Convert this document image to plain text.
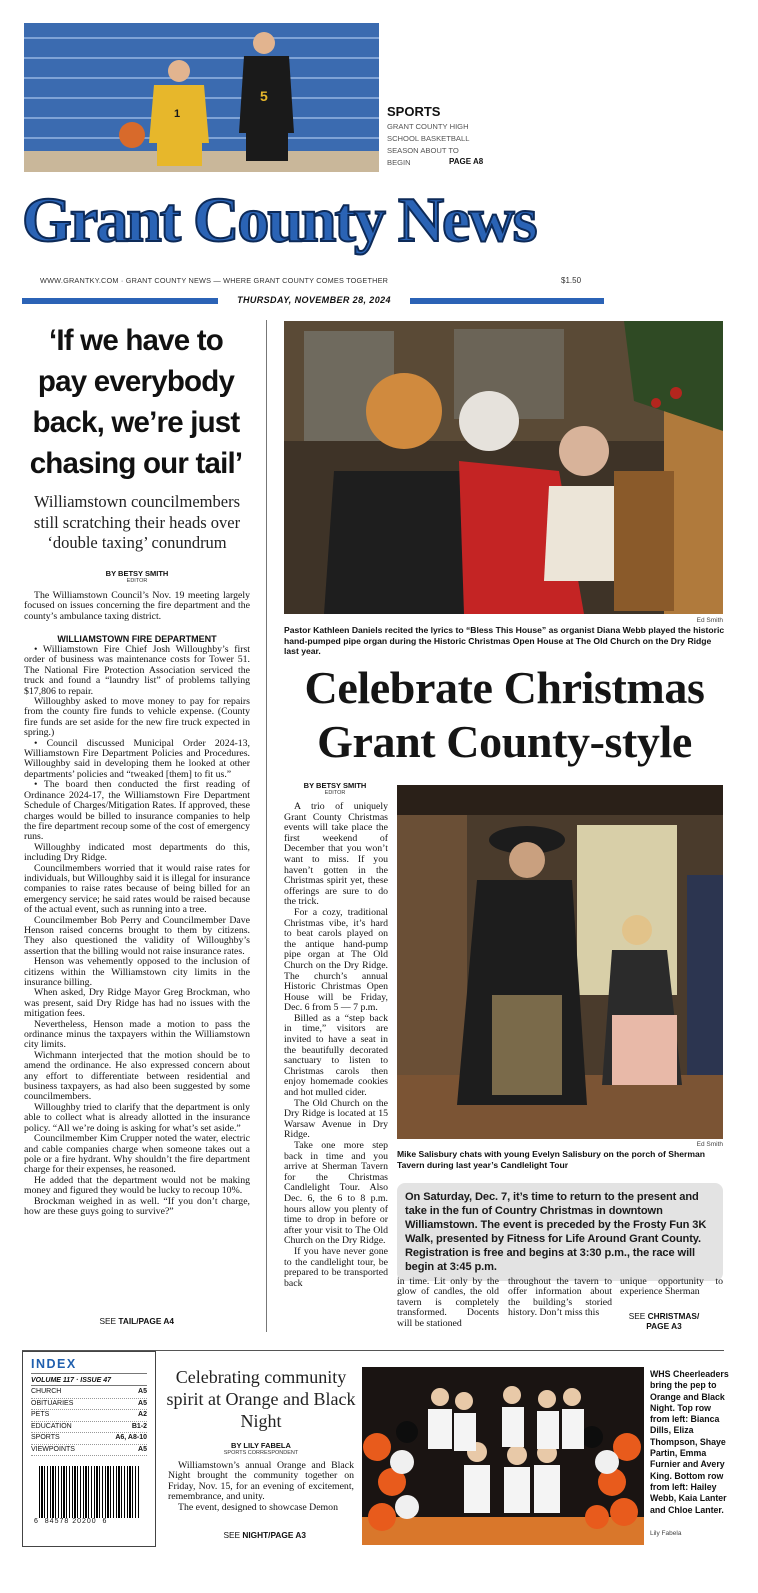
1
5
SPORTS
GRANT COUNTY HIGH SCHOOL BASKETBALL SEASON ABOUT TO BEGIN	PAGE A8
Grant County News
WWW.GRANTKY.COM · GRANT COUNTY NEWS — WHERE GRANT COUNTY COMES TOGETHER	$1.50
THURSDAY, NOVEMBER 28, 2024
‘If we have to pay everybody back, we’re just chasing our tail’
Williamstown councilmembers still scratching their heads over ‘double taxing’ conundrum
BY BETSY SMITH
EDITOR
The Williamstown Council’s Nov. 19 meeting largely focused on issues concerning the fire department and the county’s ambulance taxing district.
WILLIAMSTOWN FIRE DEPARTMENT

• Williamstown Fire Chief Josh Willoughby’s first order of business was maintenance costs for Tower 51. The National Fire Protection Association serviced the truck and found a “laundry list” of problems tallying $17,806 to repair.

Willoughby asked to move money to pay for repairs from the county fire funds to vehicle expense. (County fire funds are set aside for the new fire truck expected in spring.)

• Council discussed Municipal Order 2024-13, Williamstown Fire Department Policies and Procedures. Willoughby said in developing them he looked at other departments’ policies and “tweaked [them] to fit us.”

• The board then conducted the first reading of Ordinance 2024-17, the Williamstown Fire Department Schedule of Charges/Mitigation Rates. If approved, these charges would be billed to insurance companies to help the fire department recoup some of the cost of emergency runs.

Willoughby indicated most departments do this, including Dry Ridge.

Councilmembers worried that it would raise rates for individuals, but Willoughby said it is illegal for insurance companies to raise rates because of being billed for an emergency service; he said rates would be raised because of the actual event, such as running into a tree.

Councilmember Bob Perry and Councilmember Dave Henson raised concerns brought to them by citizens. They also questioned the validity of Willoughby’s assertion that the billing would not raise insurance rates.

Henson was vehemently opposed to the inclusion of citizens within the Williamstown city limits in the insurance billing.

When asked, Dry Ridge Mayor Greg Brockman, who was present, said Dry Ridge has had no issues with the mitigation fees.

Nevertheless, Henson made a motion to pass the ordinance minus the taxpayers within the Williamstown city limits.

Wichmann interjected that the motion should be to amend the ordinance. He also expressed concern about any effort to differentiate between residential and business taxpayers, as had also been suggested by some councilmembers.

Willoughby tried to clarify that the department is only able to collect what is already allotted in the insurance policy. “All we’re doing is asking for what’s set aside.”

Councilmember Kim Crupper noted the water, electric and cable companies charge when someone takes out a pole or a fire hydrant. Why shouldn’t the fire department charge for their expenses, he reasoned.

He added that the department would not be making money and figured they would be lucky to recoup 10%.

Brockman weighed in as well. “If you don’t charge, how are these guys going to survive?”

SEE TAIL/PAGE A4
Ed Smith
Pastor Kathleen Daniels recited the lyrics to “Bless This House” as organist Diana Webb played the historic hand-pumped pipe organ during the Historic Christmas Open House at The Old Church on the Dry Ridge last year.
Celebrate Christmas
Grant County-style
BY BETSY SMITH
EDITOR

A trio of uniquely Grant County Christmas events will take place the first weekend of December that you won’t want to miss. If you haven’t gotten in the Christmas spirit yet, these offerings are sure to do the trick.

For a cozy, traditional Christmas vibe, it’s hard to beat carols played on the antique hand-pump pipe organ at The Old Church on the Dry Ridge. The church’s annual Historic Christmas Open House will be Friday, Dec. 6 from 5 — 7 p.m.

Billed as a “step back in time,” visitors are invited to have a seat in the beautifully decorated sanctuary to listen to Christmas carols then enjoy homemade cookies and hot mulled cider.

The Old Church on the Dry Ridge is located at 15 Warsaw Avenue in Dry Ridge.

Take one more step back in time and you arrive at Sherman Tavern for the Christmas Candlelight Tour. Also Dec. 6, the 6 to 8 p.m. hours allow you plenty of time to drop in before or after your visit to The Old Church on the Dry Ridge.

If you have never gone to the candlelight tour, be prepared to be transported back

Ed Smith
Mike Salisbury chats with young Evelyn Salisbury on the porch of Sherman Tavern during last year’s Candlelight Tour
On Saturday, Dec. 7, it’s time to return to the present and take in the fun of Country Christmas in downtown Williamstown. The event is preceded by the Frosty Fun 3K Walk, presented by Fitness for Life Around Grant County. Registration is free and begins at 3:30 p.m., the race will begin at 3:45 p.m.
in time. Lit only by the glow of candles, the old tavern is completely transformed. Docents will be stationed
throughout the tavern to offer information about the building’s storied history. Don’t miss this
unique opportunity to experience Sherman
SEE CHRISTMAS/ PAGE A3
INDEX
VOLUME 117 · ISSUE 47
CHURCH	A5
OBITUARIES	A5
PETS	A2
EDUCATION	B1-2
SPORTS	A6, A8-10
VIEWPOINTS	A5
6  84578 20200  6
Celebrating community spirit at Orange and Black Night
BY LILY FABELA
SPORTS CORRESPONDENT

Williamstown’s annual Orange and Black Night brought the community together on Friday, Nov. 15, for an evening of excitement, remembrance, and unity.

The event, designed to showcase Demon

SEE NIGHT/PAGE A3
WHS Cheerleaders bring the pep to Orange and Black Night. Top row from left: Bianca Dills, Eliza Thompson, Shaye Partin, Emma Furnier and Avery King. Bottom row from left: Hailey Webb, Kaia Lanter and Chloe Lanter.
Lily Fabela
